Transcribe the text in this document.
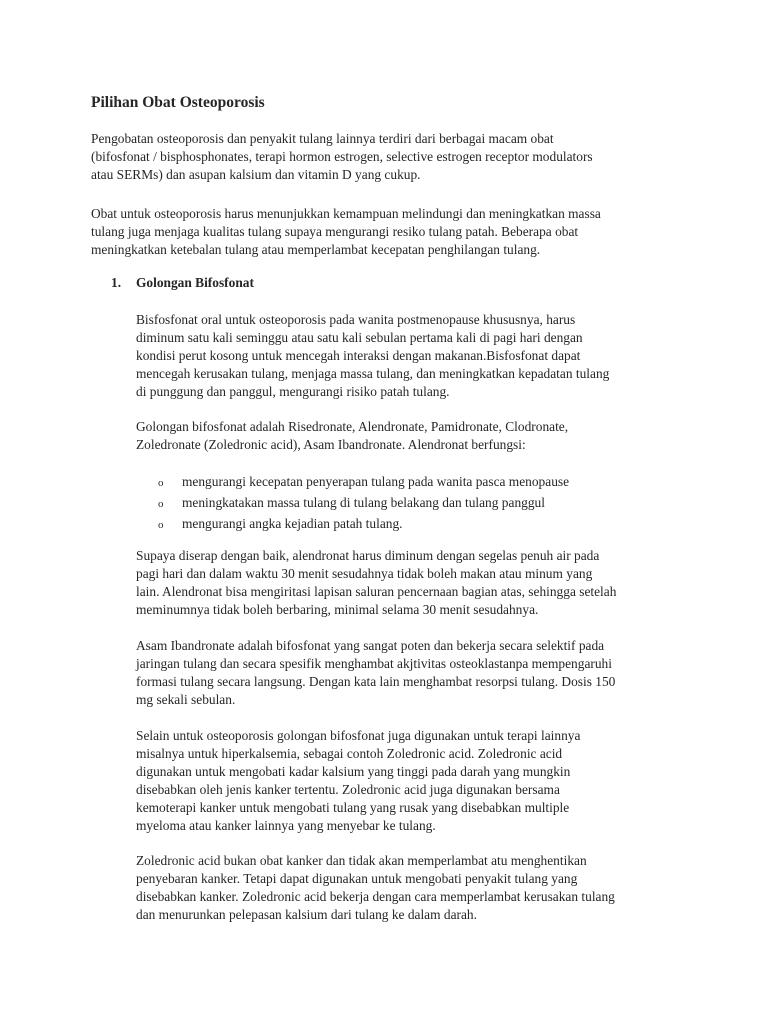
Pilihan Obat Osteoporosis

Pengobatan osteoporosis dan penyakit tulang lainnya terdiri dari berbagai macam obat
(bifosfonat / bisphosphonates, terapi hormon estrogen, selective estrogen receptor modulators
atau SERMs) dan asupan kalsium dan vitamin D yang cukup.

Obat untuk osteoporosis harus menunjukkan kemampuan melindungi dan meningkatkan massa
tulang juga menjaga kualitas tulang supaya mengurangi resiko tulang patah. Beberapa obat
meningkatkan ketebalan tulang atau memperlambat kecepatan penghilangan tulang.

1. Golongan Bifosfonat

Bisfosfonat oral untuk osteoporosis pada wanita postmenopause khususnya, harus
diminum satu kali seminggu atau satu kali sebulan pertama kali di pagi hari dengan
kondisi perut kosong untuk mencegah interaksi dengan makanan.Bisfosfonat dapat
mencegah kerusakan tulang, menjaga massa tulang, dan meningkatkan kepadatan tulang
di punggung dan panggul, mengurangi risiko patah tulang.

Golongan bifosfonat adalah Risedronate, Alendronate, Pamidronate, Clodronate,
Zoledronate (Zoledronic acid), Asam Ibandronate. Alendronat berfungsi:

o mengurangi kecepatan penyerapan tulang pada wanita pasca menopause
o meningkatakan massa tulang di tulang belakang dan tulang panggul
o mengurangi angka kejadian patah tulang.

Supaya diserap dengan baik, alendronat harus diminum dengan segelas penuh air pada
pagi hari dan dalam waktu 30 menit sesudahnya tidak boleh makan atau minum yang
lain. Alendronat bisa mengiritasi lapisan saluran pencernaan bagian atas, sehingga setelah
meminumnya tidak boleh berbaring, minimal selama 30 menit sesudahnya.

Asam Ibandronate adalah bifosfonat yang sangat poten dan bekerja secara selektif pada
jaringan tulang dan secara spesifik menghambat akjtivitas osteoklastanpa mempengaruhi
formasi tulang secara langsung. Dengan kata lain menghambat resorpsi tulang. Dosis 150
mg sekali sebulan.

Selain untuk osteoporosis golongan bifosfonat juga digunakan untuk terapi lainnya
misalnya untuk hiperkalsemia, sebagai contoh Zoledronic acid. Zoledronic acid
digunakan untuk mengobati kadar kalsium yang tinggi pada darah yang mungkin
disebabkan oleh jenis kanker tertentu. Zoledronic acid juga digunakan bersama
kemoterapi kanker untuk mengobati tulang yang rusak yang disebabkan multiple
myeloma atau kanker lainnya yang menyebar ke tulang.

Zoledronic acid bukan obat kanker dan tidak akan memperlambat atu menghentikan
penyebaran kanker. Tetapi dapat digunakan untuk mengobati penyakit tulang yang
disebabkan kanker. Zoledronic acid bekerja dengan cara memperlambat kerusakan tulang
dan menurunkan pelepasan kalsium dari tulang ke dalam darah.
